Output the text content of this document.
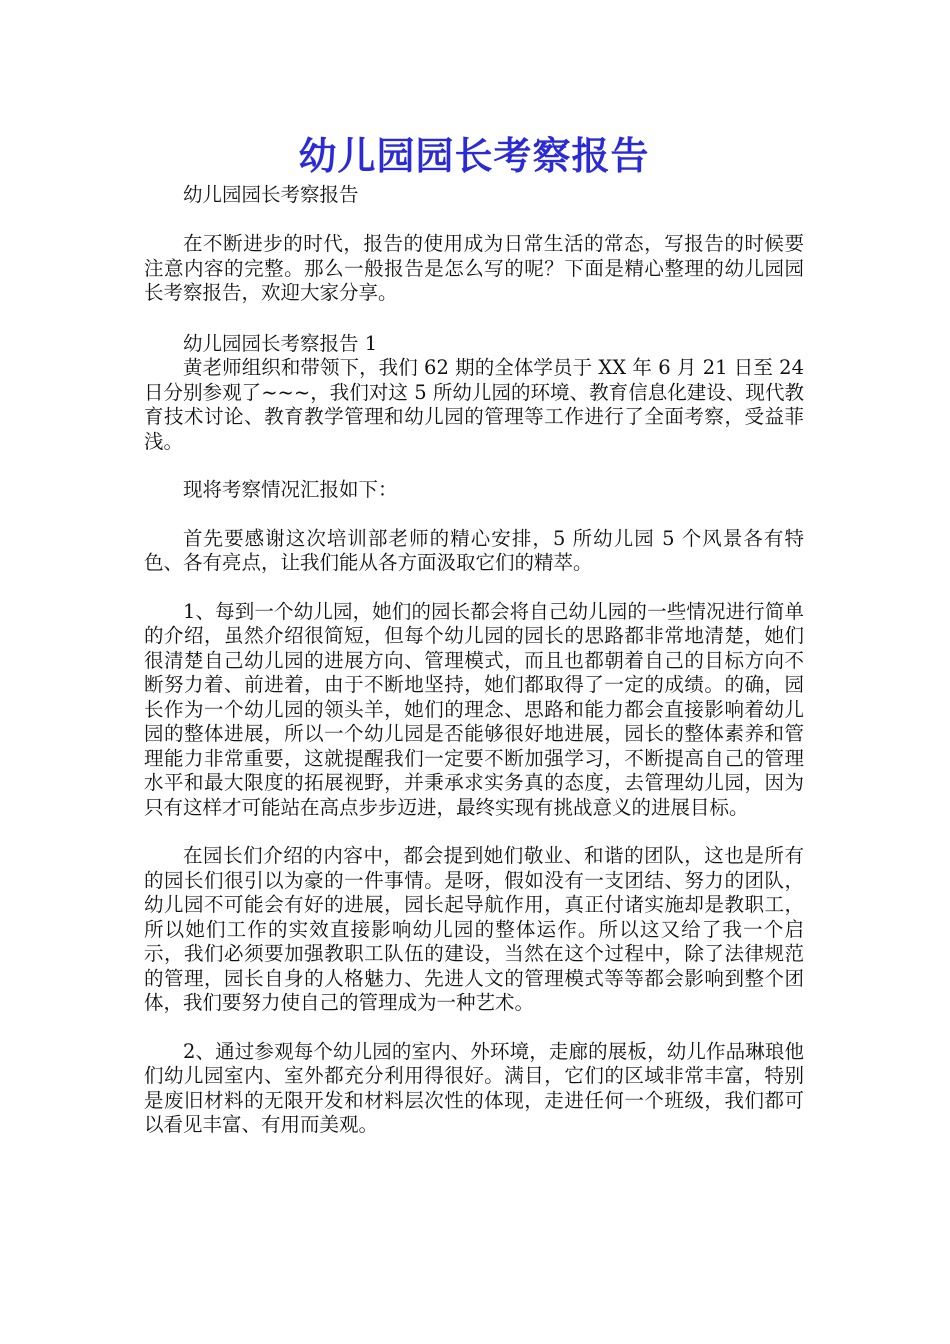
幼儿园园长考察报告

幼儿园园长考察报告

在不断进步的时代，报告的使用成为日常生活的常态，写报告的时候要注意内容的完整。那么一般报告是怎么写的呢？下面是精心整理的幼儿园园长考察报告，欢迎大家分享。

幼儿园园长考察报告 1

黄老师组织和带领下，我们 62 期的全体学员于 XX 年 6 月 21 日至 24 日分别参观了~~~，我们对这 5 所幼儿园的环境、教育信息化建设、现代教育技术讨论、教育教学管理和幼儿园的管理等工作进行了全面考察，受益菲浅。

现将考察情况汇报如下：

首先要感谢这次培训部老师的精心安排，5 所幼儿园 5 个风景各有特色、各有亮点，让我们能从各方面汲取它们的精萃。

1、每到一个幼儿园，她们的园长都会将自己幼儿园的一些情况进行简单的介绍，虽然介绍很简短，但每个幼儿园的园长的思路都非常地清楚，她们很清楚自己幼儿园的进展方向、管理模式，而且也都朝着自己的目标方向不断努力着、前进着，由于不断地坚持，她们都取得了一定的成绩。的确，园长作为一个幼儿园的领头羊，她们的理念、思路和能力都会直接影响着幼儿园的整体进展，所以一个幼儿园是否能够很好地进展，园长的整体素养和管理能力非常重要，这就提醒我们一定要不断加强学习，不断提高自己的管理水平和最大限度的拓展视野，并秉承求实务真的态度，去管理幼儿园，因为只有这样才可能站在高点步步迈进，最终实现有挑战意义的进展目标。

在园长们介绍的内容中，都会提到她们敬业、和谐的团队，这也是所有的园长们很引以为豪的一件事情。是呀，假如没有一支团结、努力的团队，幼儿园不可能会有好的进展，园长起导航作用，真正付诸实施却是教职工，所以她们工作的实效直接影响幼儿园的整体运作。所以这又给了我一个启示，我们必须要加强教职工队伍的建设，当然在这个过程中，除了法律规范的管理，园长自身的人格魅力、先进人文的管理模式等等都会影响到整个团体，我们要努力使自己的管理成为一种艺术。

2、通过参观每个幼儿园的室内、外环境，走廊的展板，幼儿作品琳琅他们幼儿园室内、室外都充分利用得很好。满目，它们的区域非常丰富，特别是废旧材料的无限开发和材料层次性的体现，走进任何一个班级，我们都可以看见丰富、有用而美观。
